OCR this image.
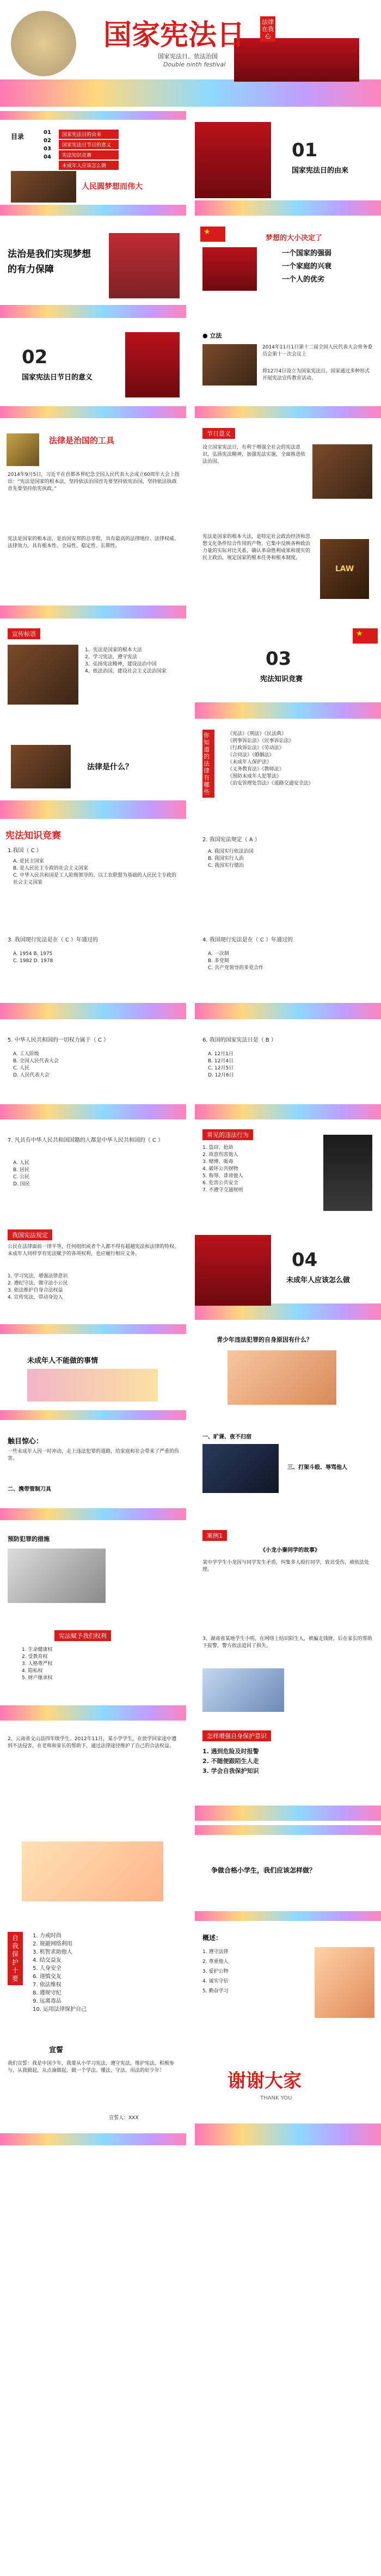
国家宪法日	法律在我心
国家宪法日、依法治国
Double ninth festival
目录
01
02
03
04
国家宪法日的由来
国家宪法日节日的意义
宪法知识竞赛
未成年人应该怎么做
人民圆梦想而伟大
01
国家宪法日的由来
法治是我们实现梦想
的有力保障
★
梦想的大小决定了
一个国家的强弱
一个家庭的兴衰
一个人的优劣
02
国家宪法日节日的意义
● 立法
2014年11月1日第十二届全国人民代表大会常务委员会第十一次会议上
将12月4日设立为国家宪法日。国家通过多种形式开展宪法宣传教育活动。
法律是治国的工具
2014年9月5日，习近平在首都各界纪念全国人民代表大会成立60周年大会上指出：“宪法是国家的根本法，坚持依法治国首先要坚持依宪治国，坚持依法执政首先要坚持依宪执政。”
节日意义
设立国家宪法日，有利于增强全社会的宪法意识，弘扬宪法精神，加强宪法实施，全面推进依法治国。
宪法是国家的根本法，是治国安邦的总章程，具有最高的法律地位、法律权威、法律效力，具有根本性、全局性、稳定性、长期性。
宪法是国家的根本大法，是特定社会政治经济和思想文化条件综合作用的产物，它集中反映各种政治力量的实际对比关系，确认革命胜利成果和现实的民主政治，规定国家的根本任务和根本制度。
LAW
宣传标语
1、宪法是国家的根本大法
2、学习宪法，遵守宪法
3、弘扬宪法精神，建设法治中国
4、依法治国，建设社会主义法治国家
★
03
宪法知识竞赛
法律是什么？
你知道的法律有哪些
《宪法》《刑法》《民法典》
《刑事诉讼法》《民事诉讼法》
《行政诉讼法》《劳动法》
《合同法》《婚姻法》
《未成年人保护法》
《义务教育法》《教师法》
《预防未成年人犯罪法》
《治安管理处罚法》《道路交通安全法》
宪法知识竞赛
1.我国（ C ）
A. 是民主国家
B. 是人民民主专政的社会主义国家
C. 中华人民共和国是工人阶级领导的、以工农联盟为基础的人民民主专政的社会主义国家
2. 我国宪法规定（ A ）
A. 我国实行依法治国
B. 我国实行人治
C. 我国实行德治
3. 我国现行宪法是在（ C ）年通过的
A. 1954 B. 1975
C. 1982 D. 1978
4. 我国现行宪法是在（ C ）年通过的
A. 一次制
B. 多党制
C. 共产党领导的多党合作
5. 中华人民共和国的一切权力属于（ C ）
A. 工人阶级
B. 全国人民代表大会
C. 人民
D. 人民代表大会
6. 我国的国家宪法日是（ B ）
A. 12月1日
B. 12月4日
C. 12月5日
D. 12月6日
7. 凡具有中华人民共和国国籍的人都是中华人民共和国的（ C ）
A. 人民
B. 居民
C. 公民
D. 国民
常见的违法行为
1. 盗窃、抢劫
2. 故意伤害他人
3. 赌博、吸毒
4. 破坏公共财物
5. 侮辱、诽谤他人
6. 危害公共安全
7. 不遵守交通规则
我国宪法规定
公民在法律面前一律平等，任何组织或者个人都不得有超越宪法和法律的特权。未成年人同样享有宪法赋予的各项权利，也应履行相应义务。
1. 学习宪法，增强法律意识
2. 遵纪守法，做守法小公民
3. 依法维护自身合法权益
4. 宣传宪法，带动身边人
04
未成年人应该怎么做
未成年人不能做的事情
青少年违法犯罪的自身原因有什么？
触目惊心：
一些未成年人因一时冲动，走上违法犯罪的道路，给家庭和社会带来了严重的伤害。
二、携带管制刀具
一、旷课、夜不归宿
三、打架斗殴、辱骂他人
预防犯罪的措施	案例1
《小龙小秦同学的故事》
某中学学生小龙因与同学发生矛盾，纠集多人殴打同学，致其受伤，被依法处理。
宪法赋予我们权利
1. 生命健康权
2. 受教育权
3. 人格尊严权
4. 隐私权
5. 财产继承权
3、湖南省某地学生小明，在网络上结识陌生人，被骗走钱财，后在家长的帮助下报警，警方依法追回了损失。
2、云南省文山县四年级学生。2012年11月，某小学学生，在放学回家途中遭到不法侵害，在老师和家长的帮助下，通过法律途径维护了自己的合法权益。
怎样增强自身保护意识
1. 遇到危险及时报警
2. 不随便跟陌生人走
3. 学会自我保护知识
争做合格小学生，我们应该怎样做？
自我保护十要
1. 力戒时尚
2. 规避网络利用
3. 机智求助他人
4. 结交益友
5. 人身安全
6. 谨慎交友
7. 依法维权
8. 遵规守纪
9. 远离毒品
10. 运用法律保护自己
概述：
1. 遵守法律
2. 尊重他人
3. 爱护公物
4. 诚实守信
5. 勤奋学习
宣誓
我们宣誓：我是中国少年，我要从小学习宪法，遵守宪法，维护宪法。积极参与，从我做起，从点滴做起，做一个学法、懂法、守法、用法的好少年！
宣誓人：XXX
谢谢大家
THANK YOU
